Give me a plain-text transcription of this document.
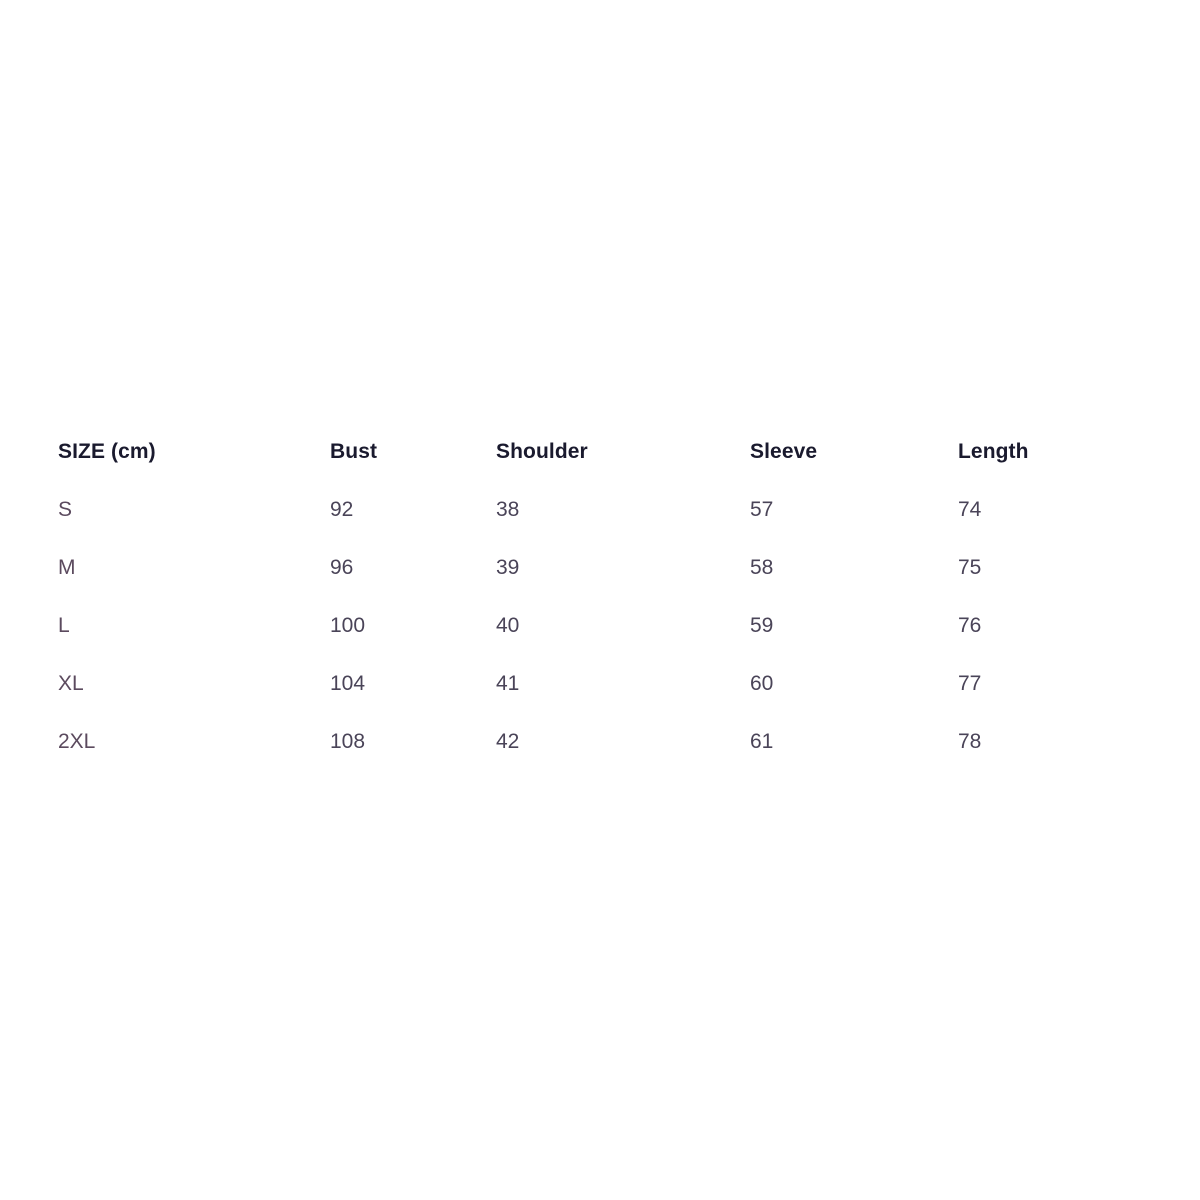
SIZE (cm)	Bust	Shoulder	Sleeve	Length
S	92	38	57	74
M	96	39	58	75
L	100	40	59	76
XL	104	41	60	77
2XL	108	42	61	78
